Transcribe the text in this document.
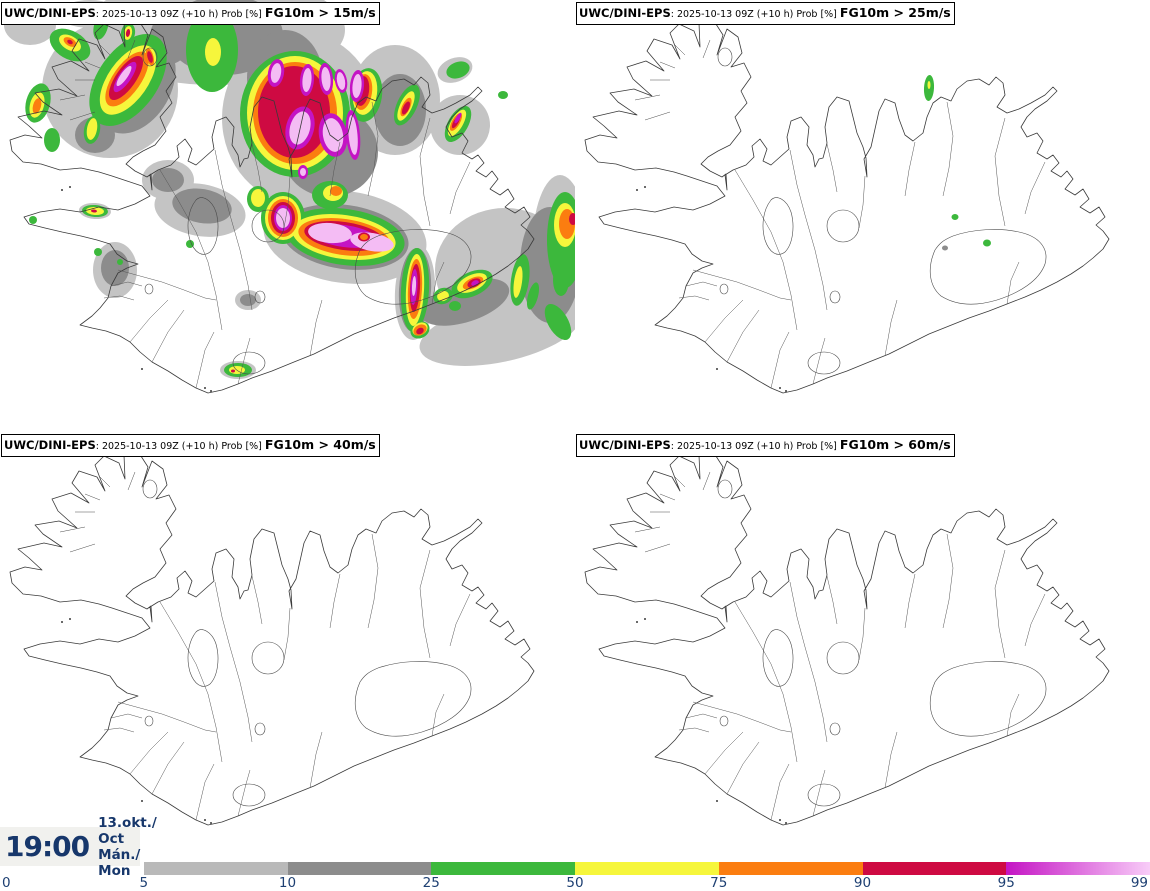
UWC/DINI-EPS: 2025-10-13 09Z (+10 h) Prob [%] FG10m > 15m/s	UWC/DINI-EPS: 2025-10-13 09Z (+10 h) Prob [%] FG10m > 25m/s
UWC/DINI-EPS: 2025-10-13 09Z (+10 h) Prob [%] FG10m > 40m/s	UWC/DINI-EPS: 2025-10-13 09Z (+10 h) Prob [%] FG10m > 60m/s
19:00
13.okt./ Oct
Mán./ Mon
0	5	10	25	50	75	90	95	99
